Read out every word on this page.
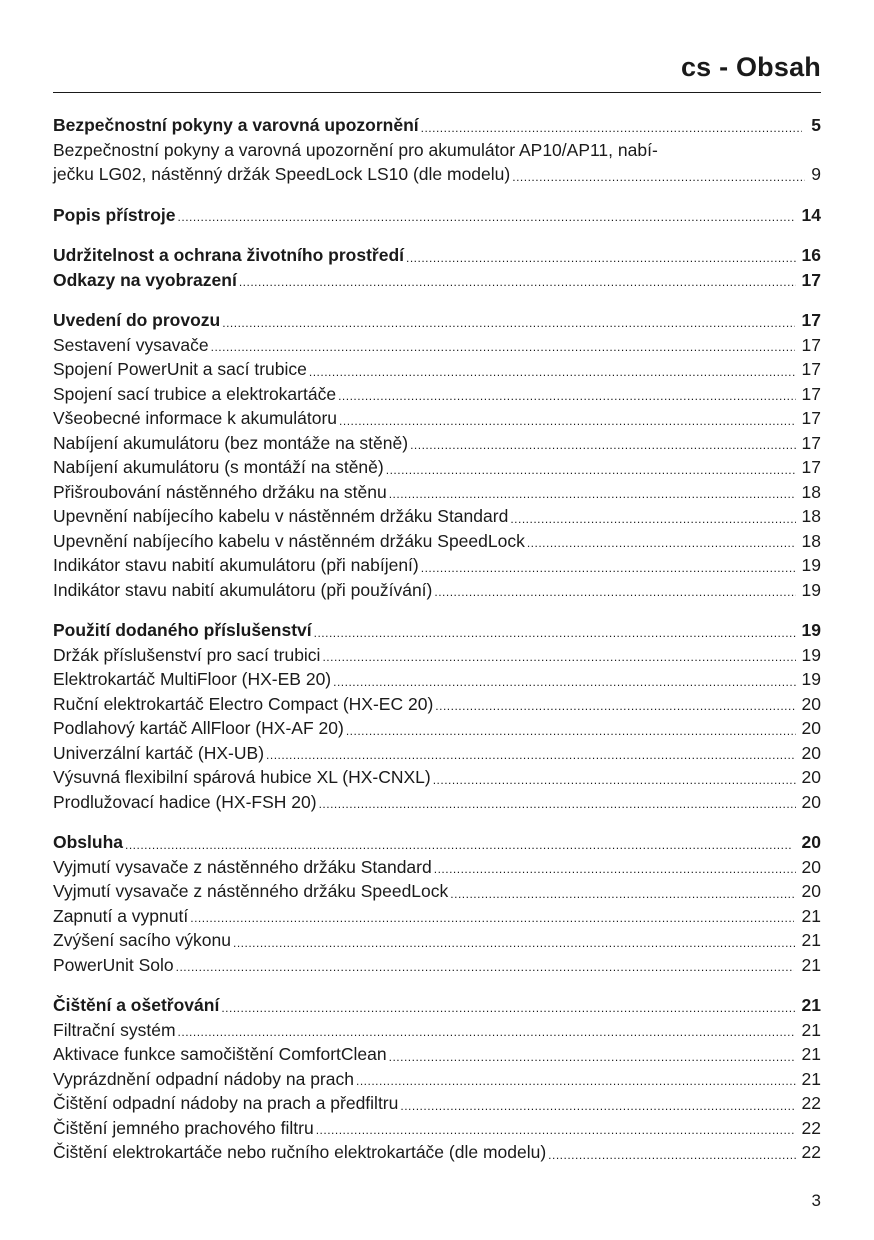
cs - Obsah
Bezpečnostní pokyny a varovná upozornění .....	5
Bezpečnostní pokyny a varovná upozornění pro akumulátor AP10/AP11, nabí-
ječku LG02, nástěnný držák SpeedLock LS10 (dle modelu) .....	9
Popis přístroje .....	14
Udržitelnost a ochrana životního prostředí .....	16
Odkazy na vyobrazení .....	17
Uvedení do provozu .....	17
Sestavení vysavače .....	17
Spojení PowerUnit a sací trubice .....	17
Spojení sací trubice a elektrokartáče .....	17
Všeobecné informace k akumulátoru .....	17
Nabíjení akumulátoru (bez montáže na stěně) .....	17
Nabíjení akumulátoru (s montáží na stěně) .....	17
Přišroubování nástěnného držáku na stěnu .....	18
Upevnění nabíjecího kabelu v nástěnném držáku Standard .....	18
Upevnění nabíjecího kabelu v nástěnném držáku SpeedLock .....	18
Indikátor stavu nabití akumulátoru (při nabíjení) .....	19
Indikátor stavu nabití akumulátoru (při používání) .....	19
Použití dodaného příslušenství .....	19
Držák příslušenství pro sací trubici .....	19
Elektrokartáč MultiFloor (HX-EB 20) .....	19
Ruční elektrokartáč Electro Compact (HX-EC 20) .....	20
Podlahový kartáč AllFloor (HX-AF 20) .....	20
Univerzální kartáč (HX-UB) .....	20
Výsuvná flexibilní spárová hubice XL (HX-CNXL) .....	20
Prodlužovací hadice (HX-FSH 20) .....	20
Obsluha .....	20
Vyjmutí vysavače z nástěnného držáku Standard .....	20
Vyjmutí vysavače z nástěnného držáku SpeedLock .....	20
Zapnutí a vypnutí .....	21
Zvýšení sacího výkonu .....	21
PowerUnit Solo .....	21
Čištění a ošetřování .....	21
Filtrační systém .....	21
Aktivace funkce samočištění ComfortClean .....	21
Vyprázdnění odpadní nádoby na prach .....	21
Čištění odpadní nádoby na prach a předfiltru .....	22
Čištění jemného prachového filtru .....	22
Čištění elektrokartáče nebo ručního elektrokartáče (dle modelu) .....	22
3
